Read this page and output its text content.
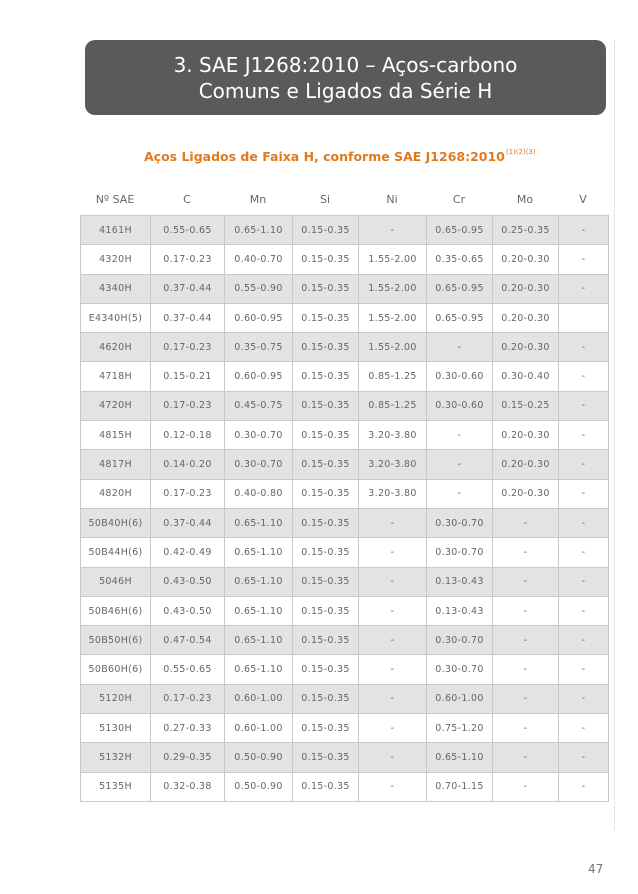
3. SAE J1268:2010 – Aços-carbono
Comuns e Ligados da Série H
Aços Ligados de Faixa H, conforme SAE $J1268:2010^{(1)(2)(3)}$
Nº SAE	C	Mn	Si	Ni	Cr	Mo	V
4161H	0.55-0.65	0.65-1.10	0.15-0.35	-	0.65-0.95	0.25-0.35	-
4320H	0.17-0.23	0.40-0.70	0.15-0.35	1.55-2.00	0.35-0.65	0.20-0.30	-
4340H	0.37-0.44	0.55-0.90	0.15-0.35	1.55-2.00	0.65-0.95	0.20-0.30	-
E4340H(5)	0.37-0.44	0.60-0.95	0.15-0.35	1.55-2.00	0.65-0.95	0.20-0.30	
4620H	0.17-0.23	0.35-0.75	0.15-0.35	1.55-2.00	-	0.20-0.30	-
4718H	0.15-0.21	0.60-0.95	0.15-0.35	0.85-1.25	0.30-0.60	0.30-0.40	-
4720H	0.17-0.23	0.45-0.75	0.15-0.35	0.85-1.25	0.30-0.60	0.15-0.25	-
4815H	0.12-0.18	0.30-0.70	0.15-0.35	3.20-3.80	-	0.20-0.30	-
4817H	0.14-0.20	0.30-0.70	0.15-0.35	3.20-3.80	-	0.20-0.30	-
4820H	0.17-0.23	0.40-0.80	0.15-0.35	3.20-3.80	-	0.20-0.30	-
50B40H(6)	0.37-0.44	0.65-1.10	0.15-0.35	-	0.30-0.70	-	-
50B44H(6)	0.42-0.49	0.65-1.10	0.15-0.35	-	0.30-0.70	-	-
5046H	0.43-0.50	0.65-1.10	0.15-0.35	-	0.13-0.43	-	-
50B46H(6)	0.43-0.50	0.65-1.10	0.15-0.35	-	0.13-0.43	-	-
50B50H(6)	0.47-0.54	0.65-1.10	0.15-0.35	-	0.30-0.70	-	-
50B60H(6)	0.55-0.65	0.65-1.10	0.15-0.35	-	0.30-0.70	-	-
5120H	0.17-0.23	0.60-1.00	0.15-0.35	-	0.60-1.00	-	-
5130H	0.27-0.33	0.60-1.00	0.15-0.35	-	0.75-1.20	-	-
5132H	0.29-0.35	0.50-0.90	0.15-0.35	-	0.65-1.10	-	-
5135H	0.32-0.38	0.50-0.90	0.15-0.35	-	0.70-1.15	-	-
47
